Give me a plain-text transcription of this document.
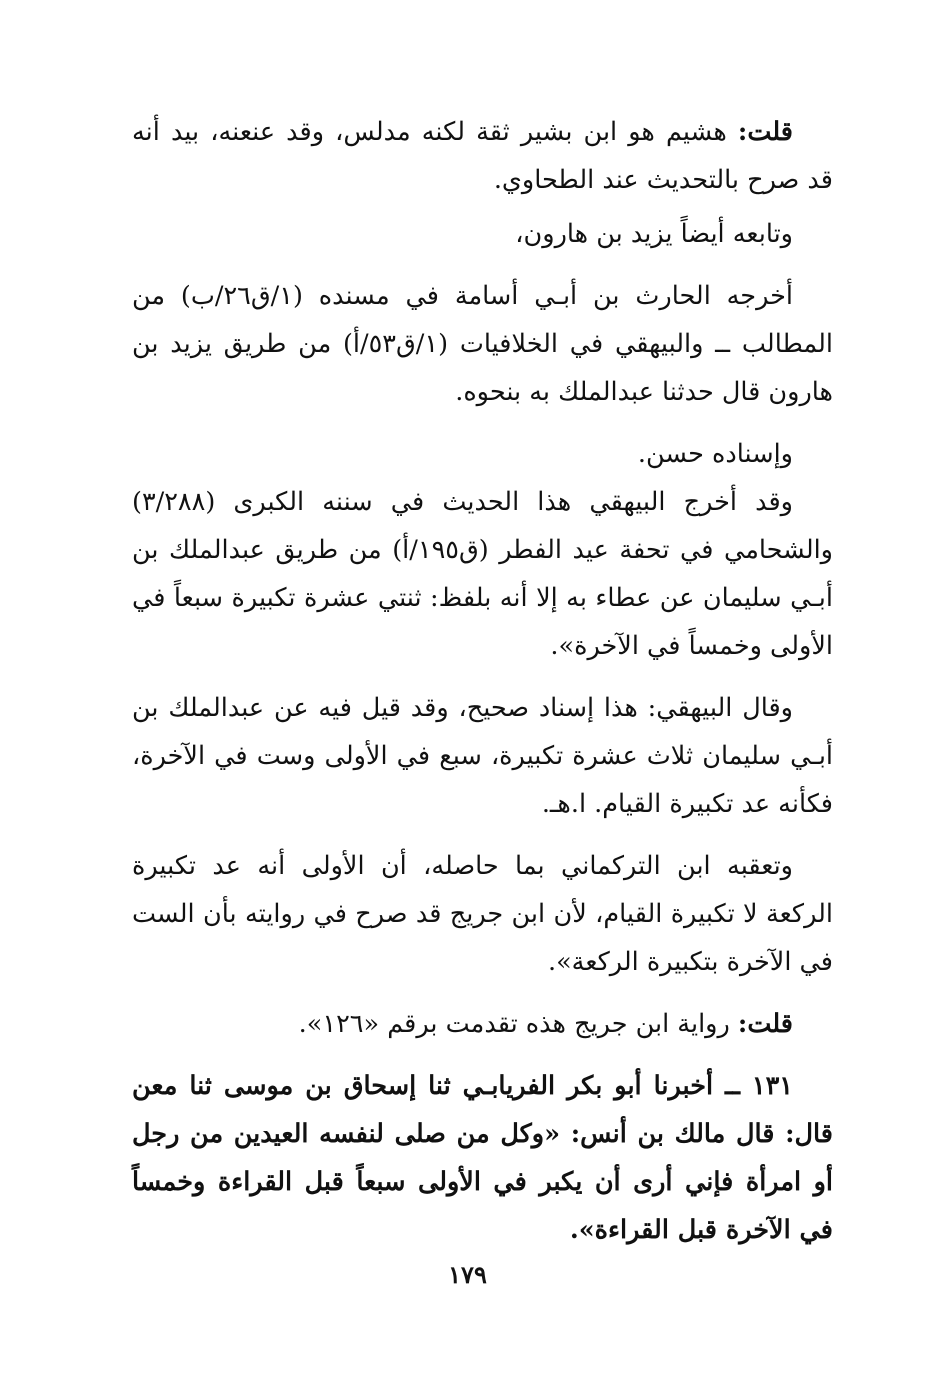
قلت: هشيم هو ابن بشير ثقة لكنه مدلس، وقد عنعنه، بيد أنه قد صرح بالتحديث عند الطحاوي.

وتابعه أيضاً يزيد بن هارون،

أخرجه الحارث بن أبـي أسامة في مسنده (١/ق٢٦/ب) من المطالب ــ والبيهقي في الخلافيات (١/ق٥٣/أ) من طريق يزيد بن هارون قال حدثنا عبدالملك به بنحوه.

وإسناده حسن.

وقد أخرج البيهقي هذا الحديث في سننه الكبرى (٣/٢٨٨) والشحامي في تحفة عيد الفطر (ق١٩٥/أ) من طريق عبدالملك بن أبـي سليمان عن عطاء به إلا أنه بلفظ: ثنتي عشرة تكبيرة سبعاً في الأولى وخمساً في الآخرة».

وقال البيهقي: هذا إسناد صحيح، وقد قيل فيه عن عبدالملك بن أبـي سليمان ثلاث عشرة تكبيرة، سبع في الأولى وست في الآخرة، فكأنه عد تكبيرة القيام. ا.هـ.

وتعقبه ابن التركماني بما حاصله، أن الأولى أنه عد تكبيرة الركعة لا تكبيرة القيام، لأن ابن جريج قد صرح في روايته بأن الست في الآخرة بتكبيرة الركعة».

قلت: رواية ابن جريج هذه تقدمت برقم «١٢٦».

١٣١ ــ أخبرنا أبو بكر الفريابـي ثنا إسحاق بن موسى ثنا معن قال: قال مالك بن أنس: «وكل من صلى لنفسه العيدين من رجل أو امرأة فإني أرى أن يكبر في الأولى سبعاً قبل القراءة وخمساً في الآخرة قبل القراءة».

١٧٩
